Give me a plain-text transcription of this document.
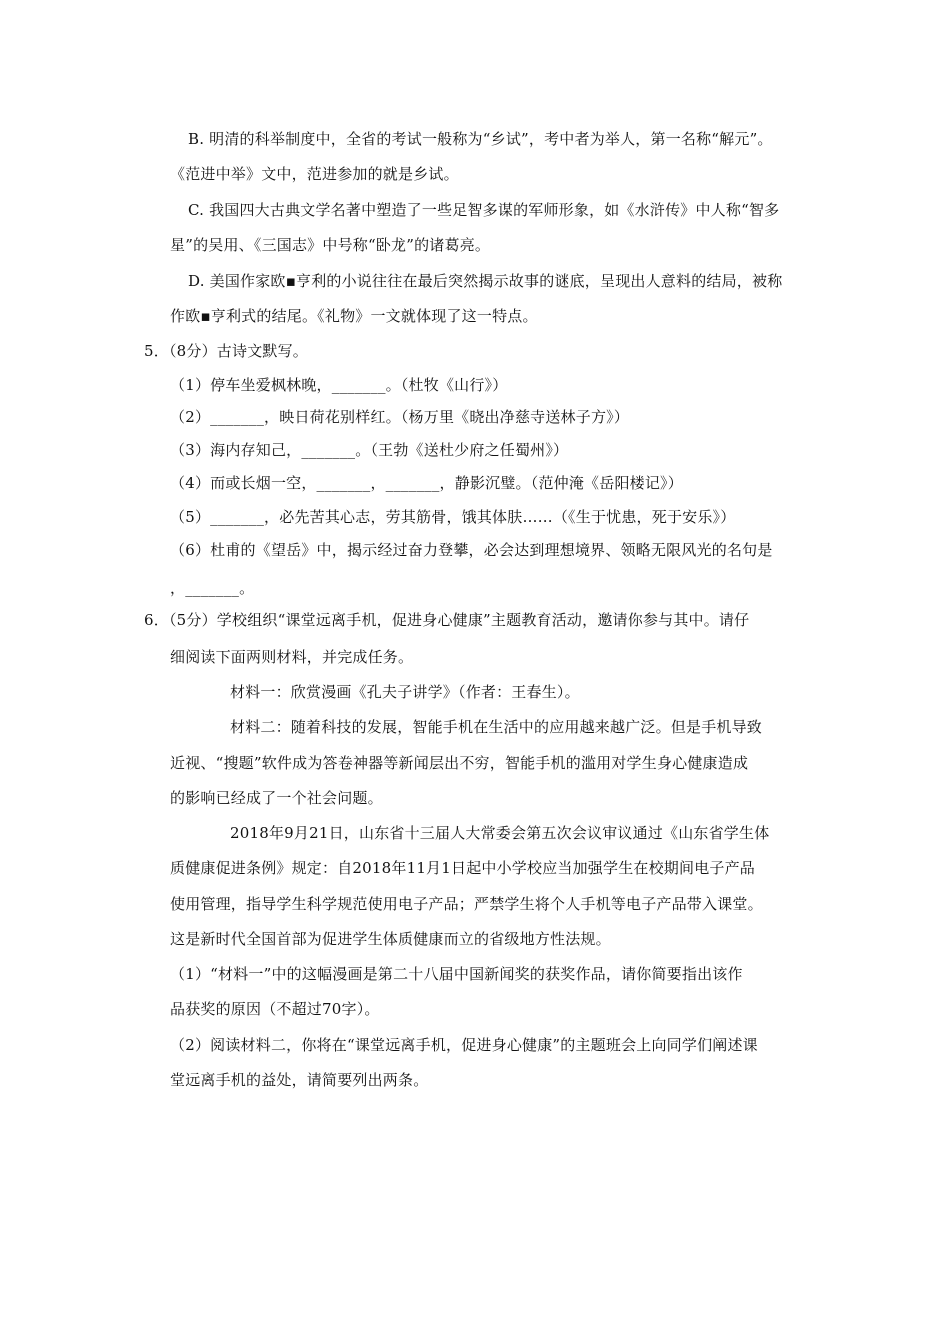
B. 明清的科举制度中，全省的考试一般称为“乡试”，考中者为举人，第一名称“解元”。
《范进中举》文中，范进参加的就是乡试。
C. 我国四大古典文学名著中塑造了一些足智多谋的军师形象，如《水浒传》中人称“智多
星”的吴用、《三国志》中号称“卧龙”的诸葛亮。
D. 美国作家欧▪亨利的小说往往在最后突然揭示故事的谜底，呈现出人意料的结局，被称
作欧▪亨利式的结尾。《礼物》一文就体现了这一特点。
5．（8分）古诗文默写。
（1）停车坐爱枫林晚，_______。（杜牧《山行》）
（2）_______，映日荷花别样红。（杨万里《晓出净慈寺送林子方》）
（3）海内存知己，_______。（王勃《送杜少府之任蜀州》）
（4）而或长烟一空，_______，_______，静影沉璧。（范仲淹《岳阳楼记》）
（5）_______，必先苦其心志，劳其筋骨，饿其体肤……（《生于忧患，死于安乐》）
（6）杜甫的《望岳》中，揭示经过奋力登攀，必会达到理想境界、领略无限风光的名句是
，_______。
6．（5分）学校组织“课堂远离手机，促进身心健康”主题教育活动，邀请你参与其中。请仔
细阅读下面两则材料，并完成任务。
材料一：欣赏漫画《孔夫子讲学》（作者：王春生）。
材料二：随着科技的发展，智能手机在生活中的应用越来越广泛。但是手机导致
近视、“搜题”软件成为答卷神器等新闻层出不穷，智能手机的滥用对学生身心健康造成
的影响已经成了一个社会问题。
2018年9月21日，山东省十三届人大常委会第五次会议审议通过《山东省学生体
质健康促进条例》规定：自2018年11月1日起中小学校应当加强学生在校期间电子产品
使用管理，指导学生科学规范使用电子产品；严禁学生将个人手机等电子产品带入课堂。
这是新时代全国首部为促进学生体质健康而立的省级地方性法规。
（1）“材料一”中的这幅漫画是第二十八届中国新闻奖的获奖作品，请你简要指出该作
品获奖的原因（不超过70字）。
（2）阅读材料二，你将在“课堂远离手机，促进身心健康”的主题班会上向同学们阐述课
堂远离手机的益处，请简要列出两条。
